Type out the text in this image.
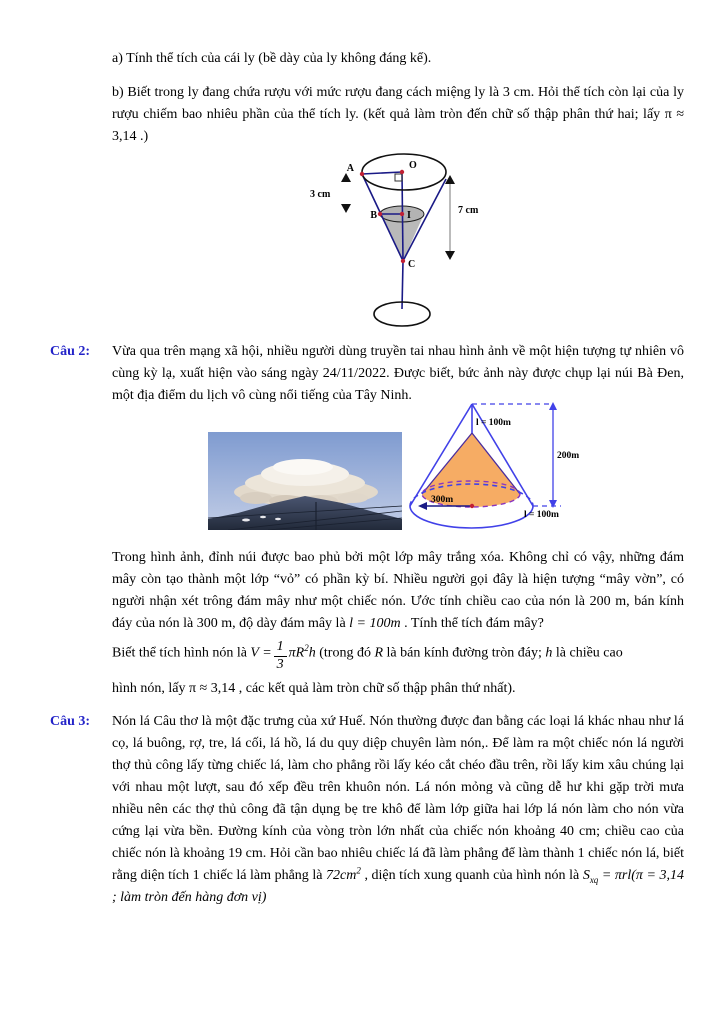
a) Tính thể tích của cái ly (bề dày của ly không đáng kể).
b) Biết trong ly đang chứa rượu với mức rượu đang cách miệng ly là 3 cm. Hỏi thể tích còn lại của ly rượu chiếm bao nhiêu phần của thể tích ly. (kết quả làm tròn đến chữ số thập phân thứ hai; lấy π ≈ 3,14 .)
A	O
B	I
C
3 cm
7 cm
Câu 2:	Vừa qua trên mạng xã hội, nhiều người dùng truyền tai nhau hình ảnh về một hiện tượng tự nhiên vô cùng kỳ lạ, xuất hiện vào sáng ngày 24/11/2022. Được biết, bức ảnh này được chụp lại núi Bà Đen, một địa điểm du lịch vô cùng nổi tiếng của Tây Ninh.
l = 100m
200m
300m
l = 100m
Trong hình ảnh, đỉnh núi được bao phủ bởi một lớp mây trắng xóa. Không chỉ có vậy, những đám mây còn tạo thành một lớp “vỏ” có phần kỳ bí. Nhiều người gọi đây là hiện tượng “mây vờn”, có người nhận xét trông đám mây như một chiếc nón. Ước tính chiều cao của nón là 200 m, bán kính đáy của nón là 300 m, độ dày đám mây là l = 100m . Tính thể tích đám mây?
Biết thể tích hình nón là $V = \frac{1}{3} \pi R^2h$ (trong đó R là bán kính đường tròn đáy; h là chiều cao
hình nón, lấy π ≈ 3,14 , các kết quả làm tròn chữ số thập phân thứ nhất).
Câu 3:	Nón lá Câu thơ là một đặc trưng của xứ Huế. Nón thường được đan bằng các loại lá khác nhau như lá cọ, lá buông, rợ, tre, lá cối, lá hồ, lá du quy diệp chuyên làm nón,. Để làm ra một chiếc nón lá người thợ thủ công lấy từng chiếc lá, làm cho phẳng rồi lấy kéo cắt chéo đầu trên, rồi lấy kim xâu chúng lại với nhau một lượt, sau đó xếp đều trên khuôn nón. Lá nón mỏng và cũng dễ hư khi gặp trời mưa nhiều nên các thợ thủ công đã tận dụng bẹ tre khô để làm lớp giữa hai lớp lá nón làm cho nón vừa cứng lại vừa bền. Đường kính của vòng tròn lớn nhất của chiếc nón khoảng 40 cm; chiều cao của chiếc nón là khoảng 19 cm. Hỏi cần bao nhiêu chiếc lá đã làm phẳng để làm thành 1 chiếc nón lá, biết rằng diện tích 1 chiếc lá làm phẳng là $72cm^2$ , diện tích xung quanh của hình nón là $S_{xq} = \pi rl(\pi = 3,14$ ; làm tròn đến hàng đơn vị)
